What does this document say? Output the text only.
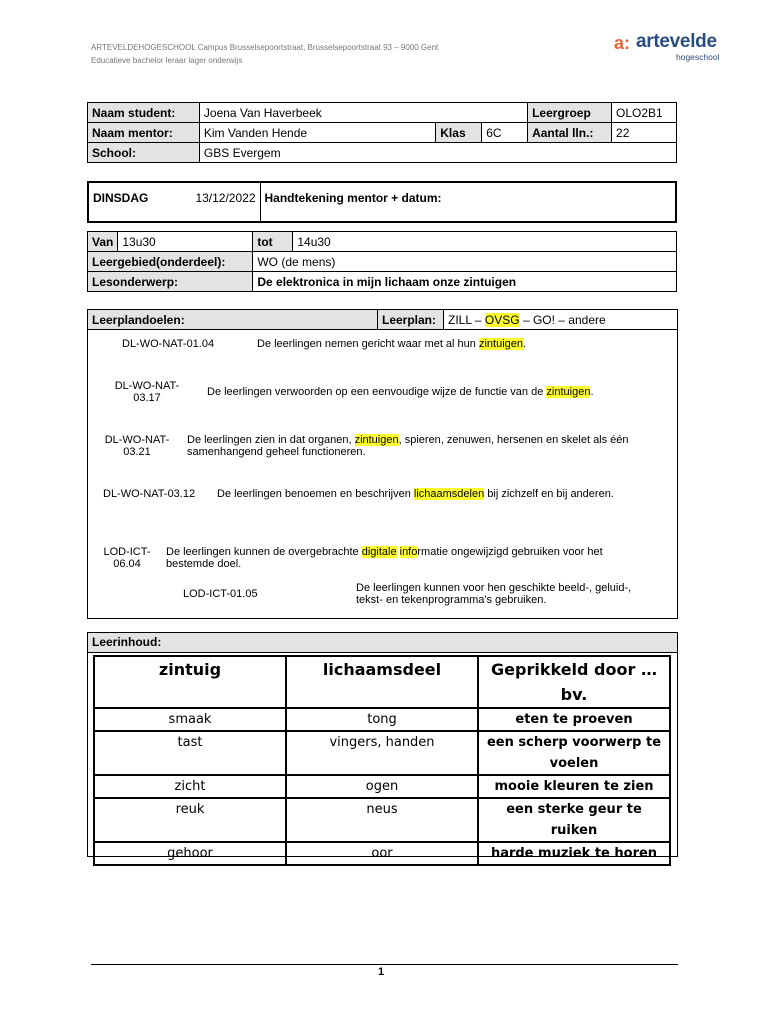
ARTEVELDEHOGESCHOOL Campus Brusselsepoortstraat, Brusselsepoortstraat 93 – 9000 Gent
Educatieve bachelor leraar lager onderwijs
a: artevelde
hogeschool
Naam student:	Joena Van Haverbeek			Leergroep	OLO2B1
Naam mentor:	Kim Vanden Hende	Klas	6C	Aantal lln.:	22
School:	GBS Evergem				
DINSDAG	13/12/2022	Handtekening mentor + datum:
Van	13u30	tot	14u30
Leergebied(onderdeel):		WO (de mens)	
Lesonderwerp:		De elektronica in mijn lichaam onze zintuigen	
Leerplandoelen:	Leerplan:	ZILL – OVSG – GO! – andere
DL-WO-NAT-01.04	De leerlingen nemen gericht waar met al hun zintuigen.
DL-WO-NAT-
03.17	De leerlingen verwoorden op een eenvoudige wijze de functie van de zintuigen.
DL-WO-NAT-
03.21
De leerlingen zien in dat organen, zintuigen, spieren, zenuwen, hersenen en skelet als één
samenhangend geheel functioneren.
DL-WO-NAT-03.12 De leerlingen benoemen en beschrijven lichaamsdelen bij zichzelf en bij anderen.
LOD-ICT-
06.04
De leerlingen kunnen de overgebrachte digitale informatie ongewijzigd gebruiken voor het
bestemde doel.
LOD-ICT-01.05	De leerlingen kunnen voor hen geschikte beeld-, geluid-,
tekst- en tekenprogramma's gebruiken.
Leerinhoud:
zintuig	lichaamsdeel	Geprikkeld door … bv.
smaak	tong	eten te proeven
tast	vingers, handen	een scherp voorwerp te voelen
zicht	ogen	mooie kleuren te zien
reuk	neus	een sterke geur te ruiken
gehoor	oor	harde muziek te horen
1
